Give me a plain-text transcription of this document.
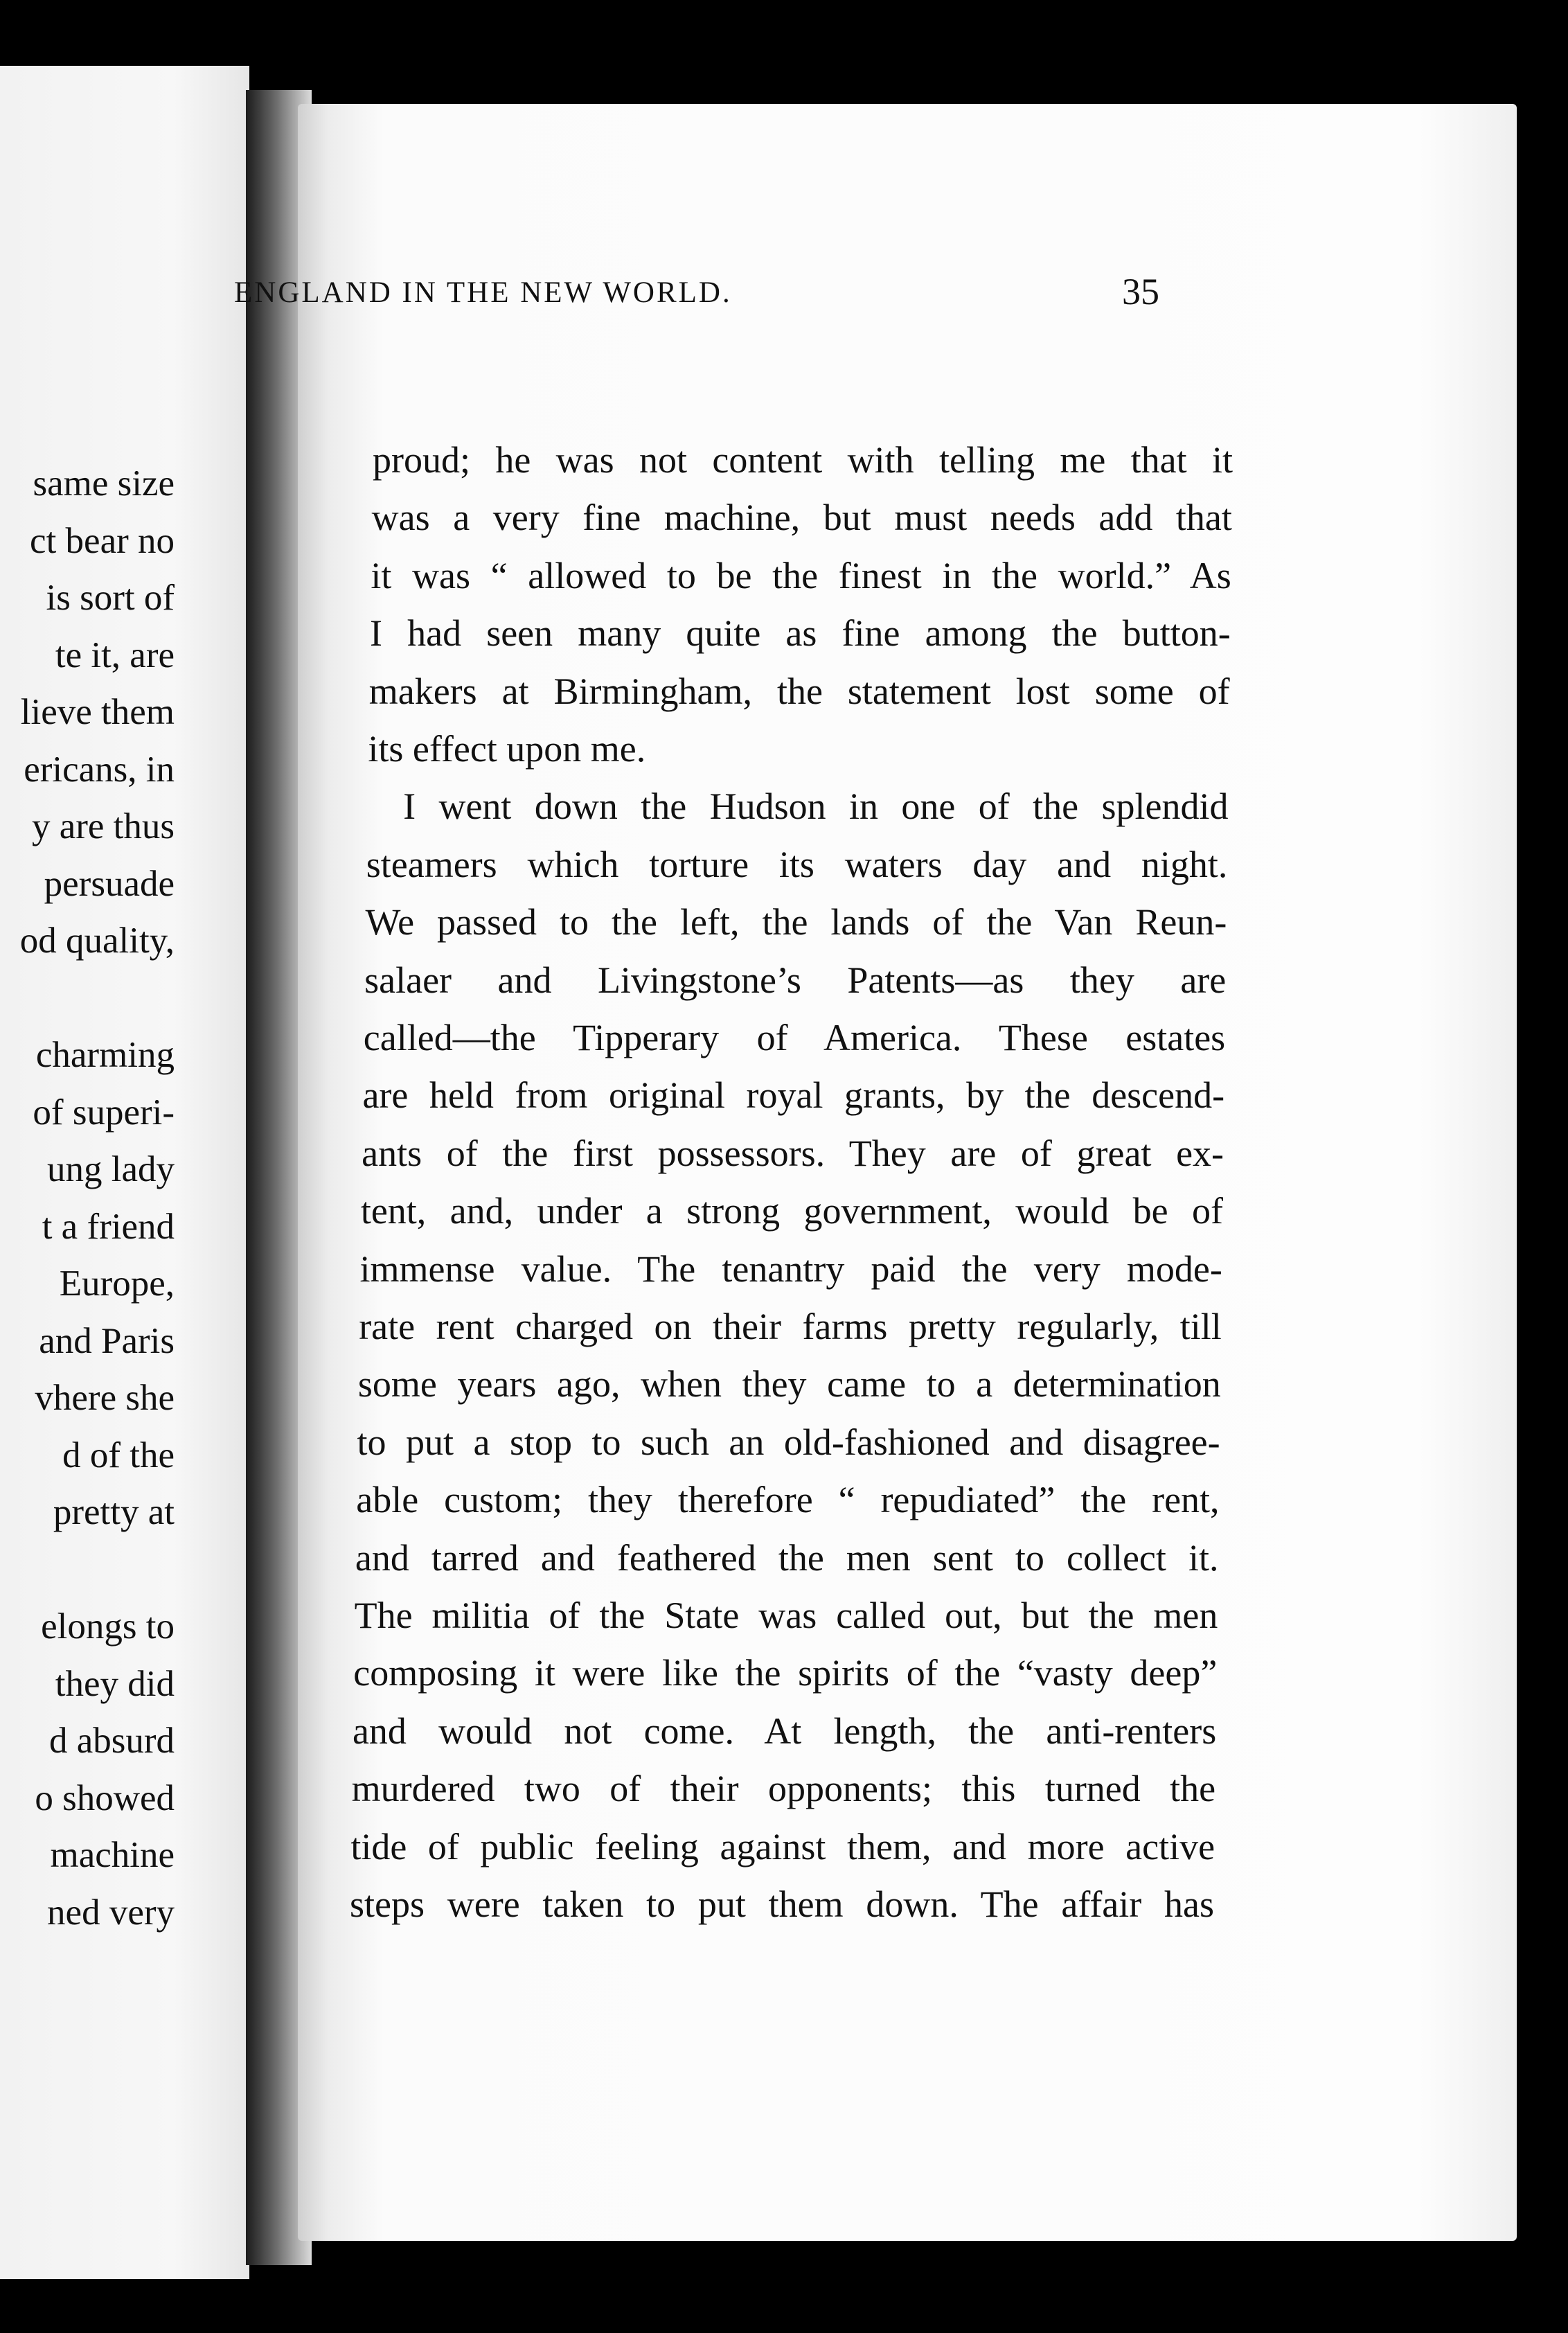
same size
ct bear no
is sort of
te it, are
lieve them
ericans, in
y are thus
persuade
od quality,
charming
of superi-
ung lady
t a friend
Europe,
and Paris
vhere she
d of the
pretty at
elongs to
they did
d absurd
o showed
machine
ned very
ENGLAND IN THE NEW WORLD.	35
proud; he was not content with telling me that it
was a very fine machine, but must needs add that
it was “ allowed to be the finest in the world.” As
I had seen many quite as fine among the button-
makers at Birmingham, the statement lost some of
its effect upon me.
I went down the Hudson in one of the splendid
steamers which torture its waters day and night.
We passed to the left, the lands of the Van Reun-
salaer and Livingstone’s Patents—as they are
called—the Tipperary of America. These estates
are held from original royal grants, by the descend-
ants of the first possessors. They are of great ex-
tent, and, under a strong government, would be of
immense value. The tenantry paid the very mode-
rate rent charged on their farms pretty regularly, till
some years ago, when they came to a determination
to put a stop to such an old-fashioned and disagree-
able custom; they therefore “ repudiated” the rent,
and tarred and feathered the men sent to collect it.
The militia of the State was called out, but the men
composing it were like the spirits of the “vasty deep”
and would not come. At length, the anti-renters
murdered two of their opponents; this turned the
tide of public feeling against them, and more active
steps were taken to put them down. The affair has
